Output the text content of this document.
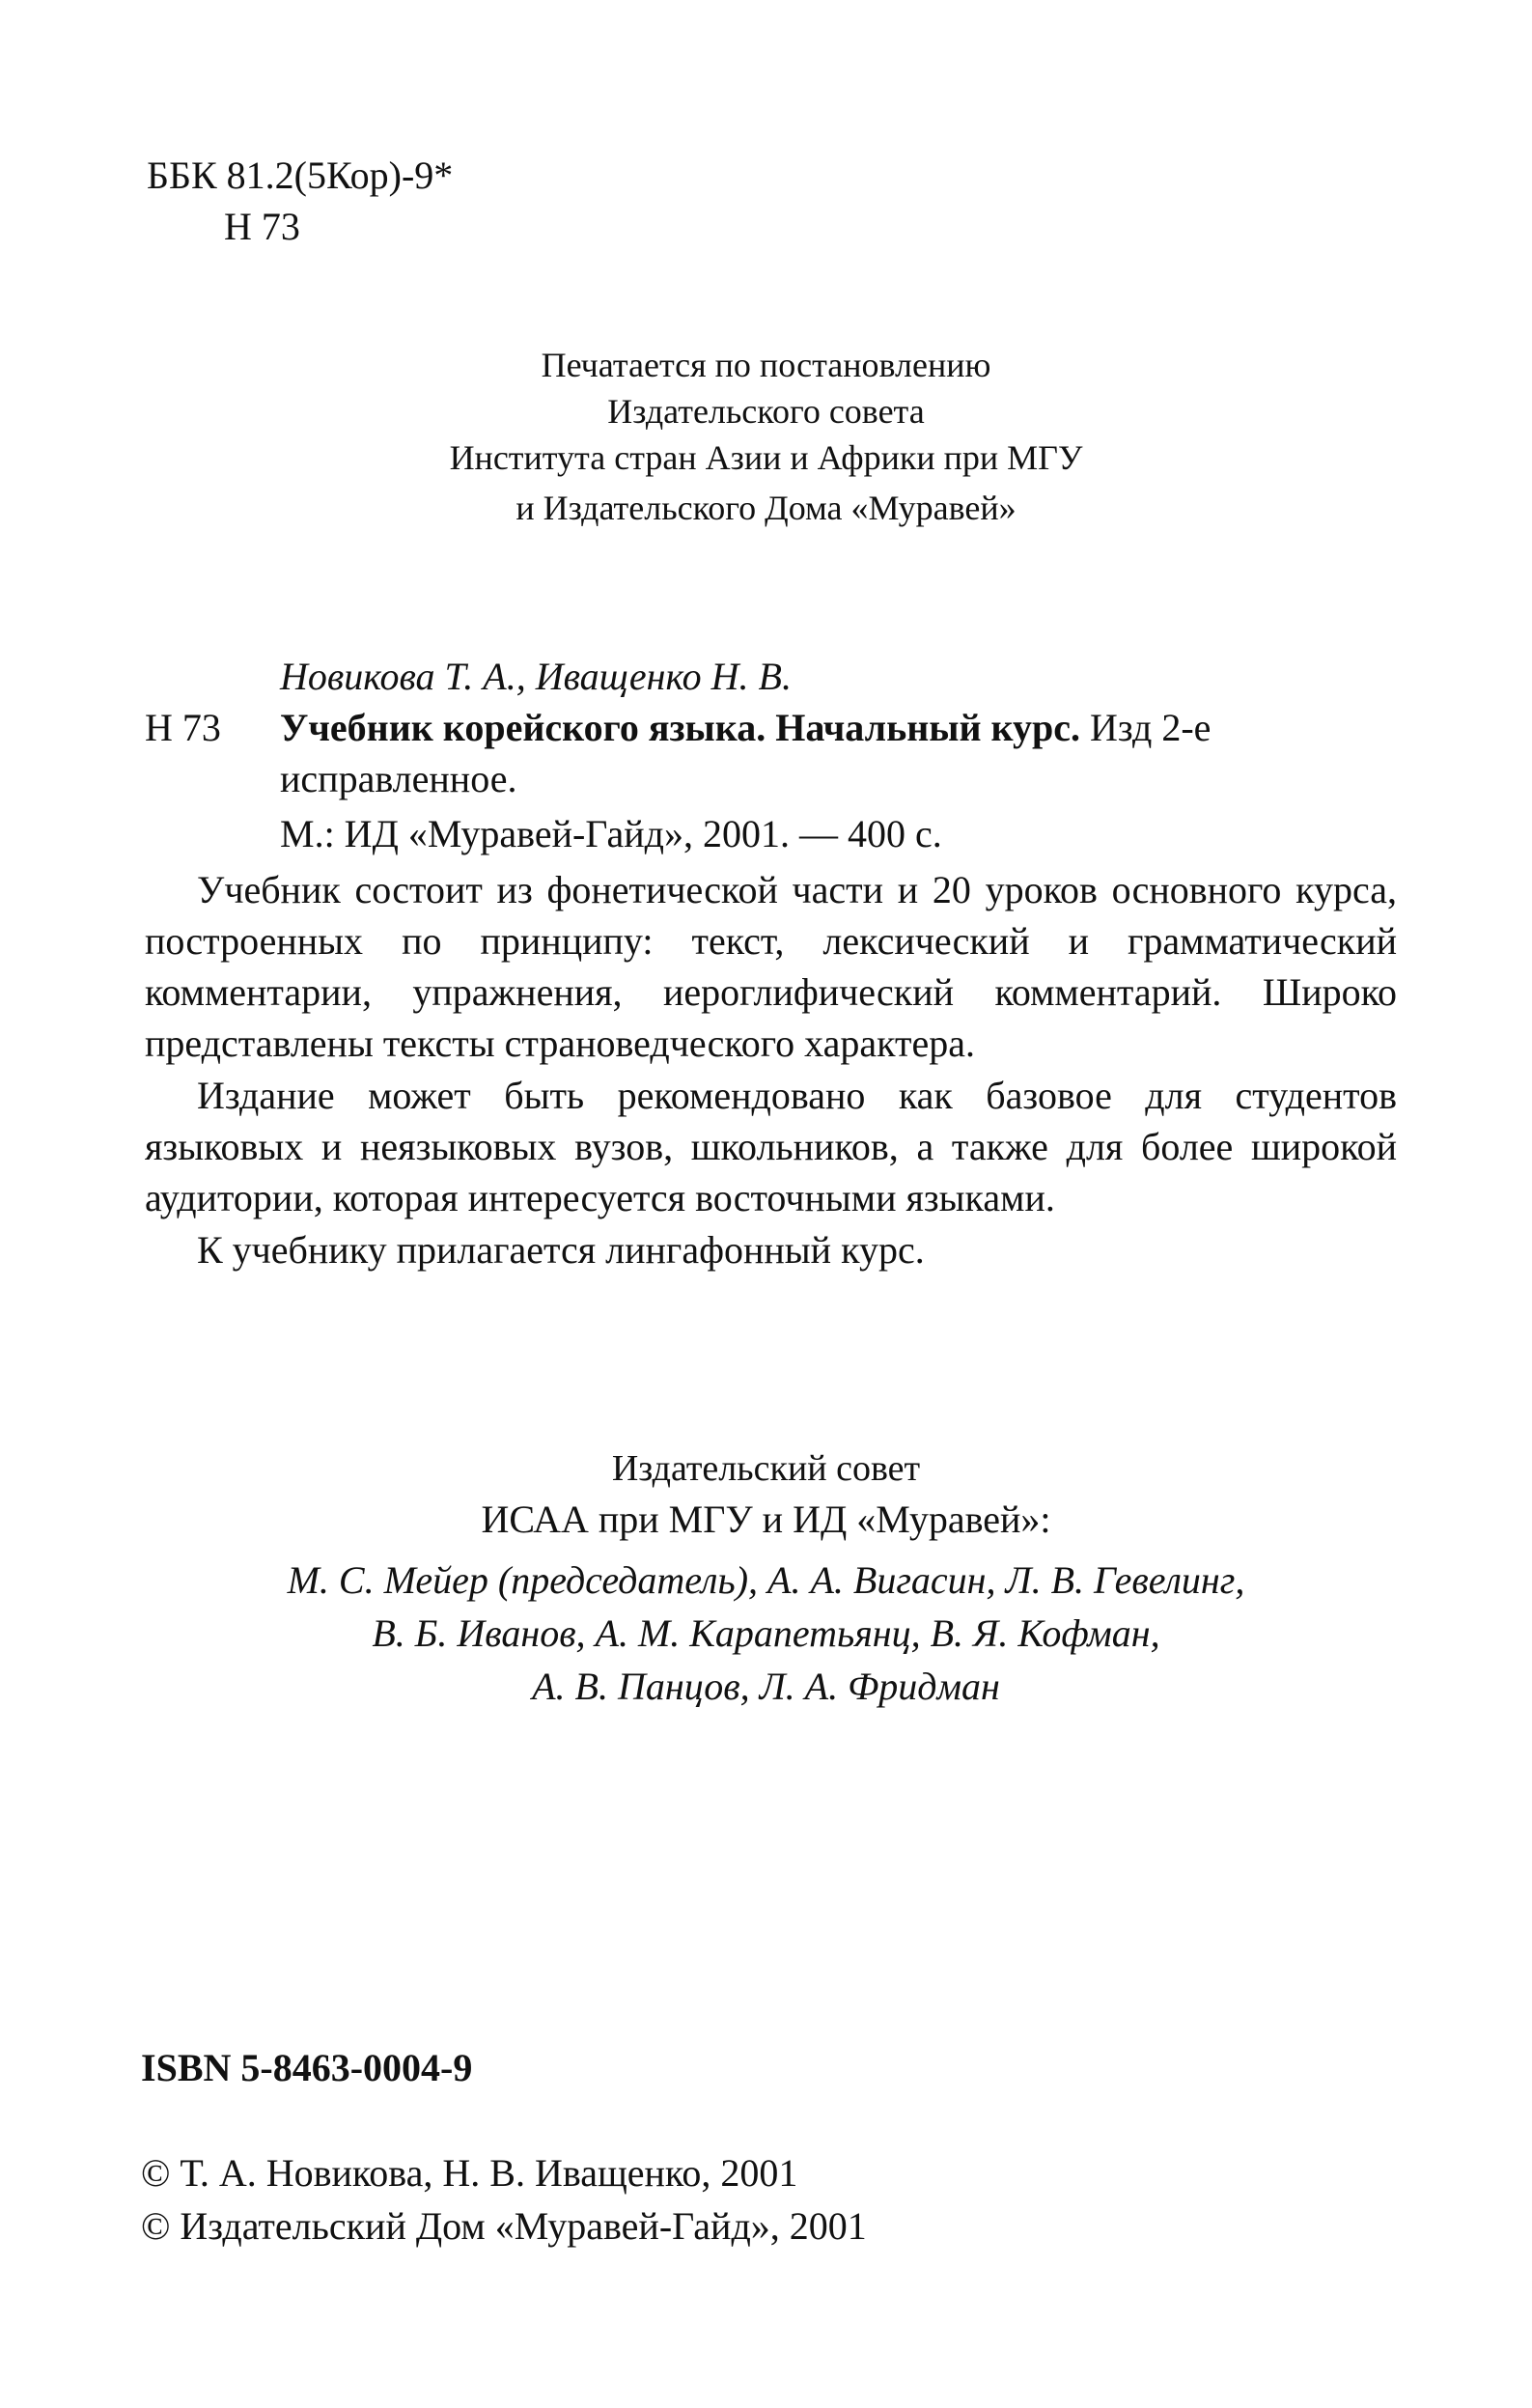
ББК 81.2(5Кор)-9*
Н 73
Печатается по постановлению
Издательского совета
Института стран Азии и Африки при МГУ
и Издательского Дома «Муравей»
Новикова Т. А., Иващенко Н. В.
Н 73 Учебник корейского языка. Начальный курс. Изд 2-е
исправленное.
М.: ИД «Муравей-Гайд», 2001. — 400 с.
Учебник состоит из фонетической части и 20 уроков основного курса, построенных по принципу: текст, лексический и грамматический комментарии, упражнения, иероглифический комментарий. Широко представлены тексты страноведческого характера.
Издание может быть рекомендовано как базовое для студентов языковых и неязыковых вузов, школьников, а также для более широкой аудитории, которая интересуется восточными языками.
К учебнику прилагается лингафонный курс.
Издательский совет
ИСАА при МГУ и ИД «Муравей»:
М. С. Мейер (председатель), А. А. Вигасин, Л. В. Гевелинг,
В. Б. Иванов, А. М. Карапетьянц, В. Я. Кофман,
А. В. Панцов, Л. А. Фридман
ISBN 5-8463-0004-9
© Т. А. Новикова, Н. В. Иващенко, 2001
© Издательский Дом «Муравей-Гайд», 2001
